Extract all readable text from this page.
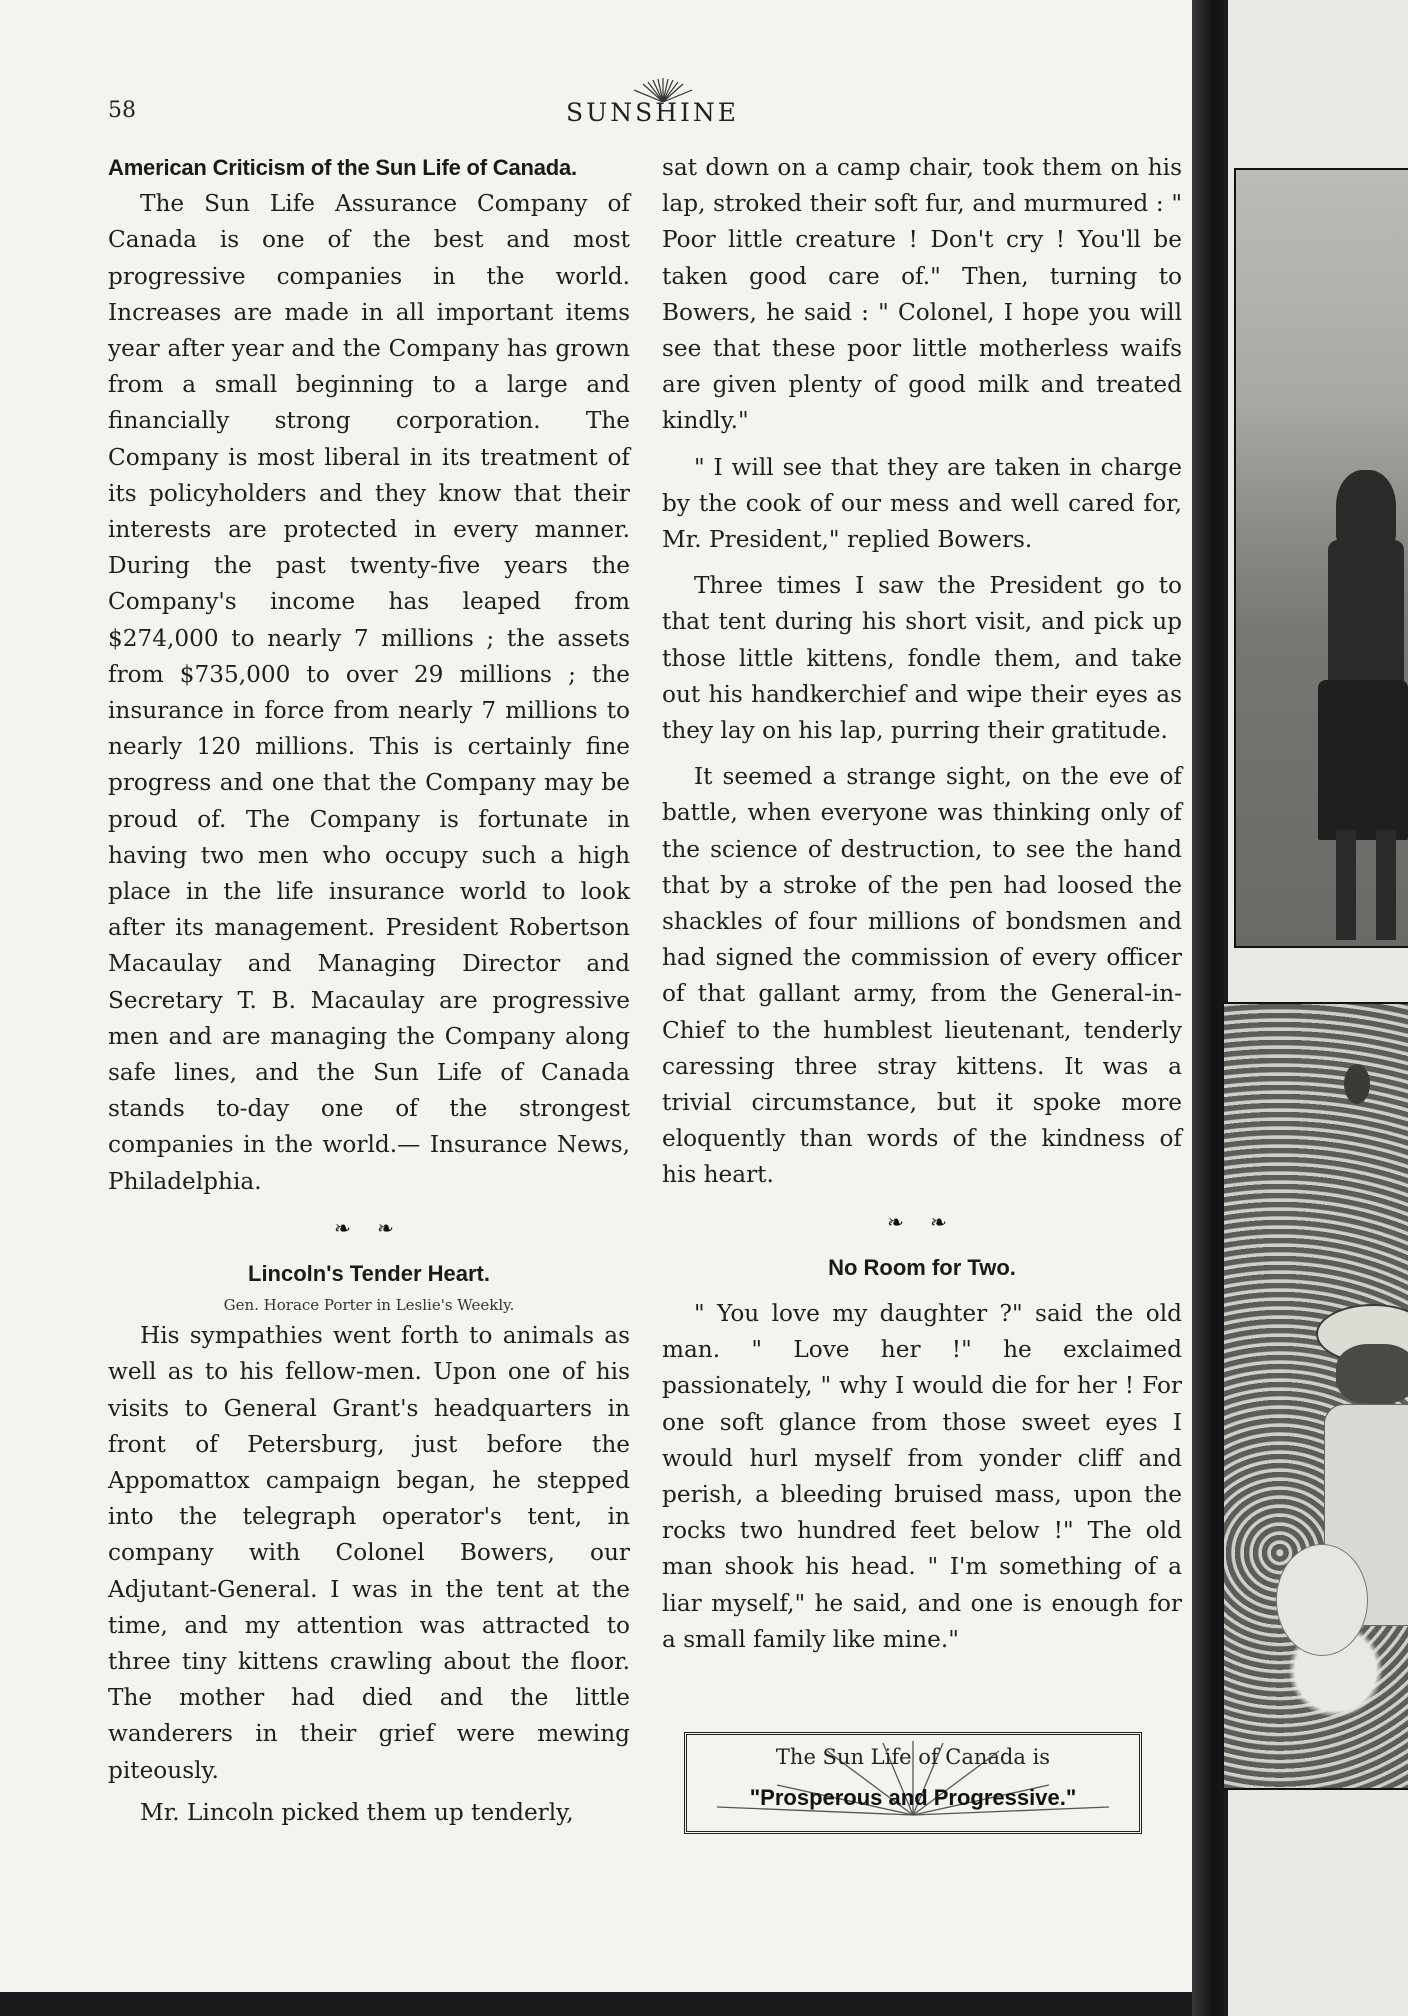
58	SUNSHINE

American Criticism of the Sun Life of Canada.

The Sun Life Assurance Company of Canada is one of the best and most progressive companies in the world. Increases are made in all important items year after year and the Company has grown from a small beginning to a large and financially strong corporation. The Company is most liberal in its treatment of its policyholders and they know that their interests are protected in every manner. During the past twenty-five years the Company's income has leaped from $274,000 to nearly 7 millions ; the assets from $735,000 to over 29 millions ; the insurance in force from nearly 7 millions to nearly 120 millions. This is certainly fine progress and one that the Company may be proud of. The Company is fortunate in having two men who occupy such a high place in the life insurance world to look after its management. President Robertson Macaulay and Managing Director and Secretary T. B. Macaulay are progressive men and are managing the Company along safe lines, and the Sun Life of Canada stands to-day one of the strongest companies in the world.— Insurance News, Philadelphia.

❧ ❧

Lincoln's Tender Heart.

Gen. Horace Porter in Leslie's Weekly.

His sympathies went forth to animals as well as to his fellow-men. Upon one of his visits to General Grant's headquarters in front of Petersburg, just before the Appomattox campaign began, he stepped into the telegraph operator's tent, in company with Colonel Bowers, our Adjutant-General. I was in the tent at the time, and my attention was attracted to three tiny kittens crawling about the floor. The mother had died and the little wanderers in their grief were mewing piteously.

Mr. Lincoln picked them up tenderly,

sat down on a camp chair, took them on his lap, stroked their soft fur, and murmured : " Poor little creature ! Don't cry ! You'll be taken good care of." Then, turning to Bowers, he said : " Colonel, I hope you will see that these poor little motherless waifs are given plenty of good milk and treated kindly."

" I will see that they are taken in charge by the cook of our mess and well cared for, Mr. President," replied Bowers.

Three times I saw the President go to that tent during his short visit, and pick up those little kittens, fondle them, and take out his handkerchief and wipe their eyes as they lay on his lap, purring their gratitude.

It seemed a strange sight, on the eve of battle, when everyone was thinking only of the science of destruction, to see the hand that by a stroke of the pen had loosed the shackles of four millions of bondsmen and had signed the commission of every officer of that gallant army, from the General-in-Chief to the humblest lieutenant, tenderly caressing three stray kittens. It was a trivial circumstance, but it spoke more eloquently than words of the kindness of his heart.

❧ ❧

No Room for Two.

" You love my daughter ?" said the old man. " Love her !" he exclaimed passionately, " why I would die for her ! For one soft glance from those sweet eyes I would hurl myself from yonder cliff and perish, a bleeding bruised mass, upon the rocks two hundred feet below !" The old man shook his head. " I'm something of a liar myself," he said, and one is enough for a small family like mine."

The Sun Life of Canada is
"Prosperous and Progressive."
